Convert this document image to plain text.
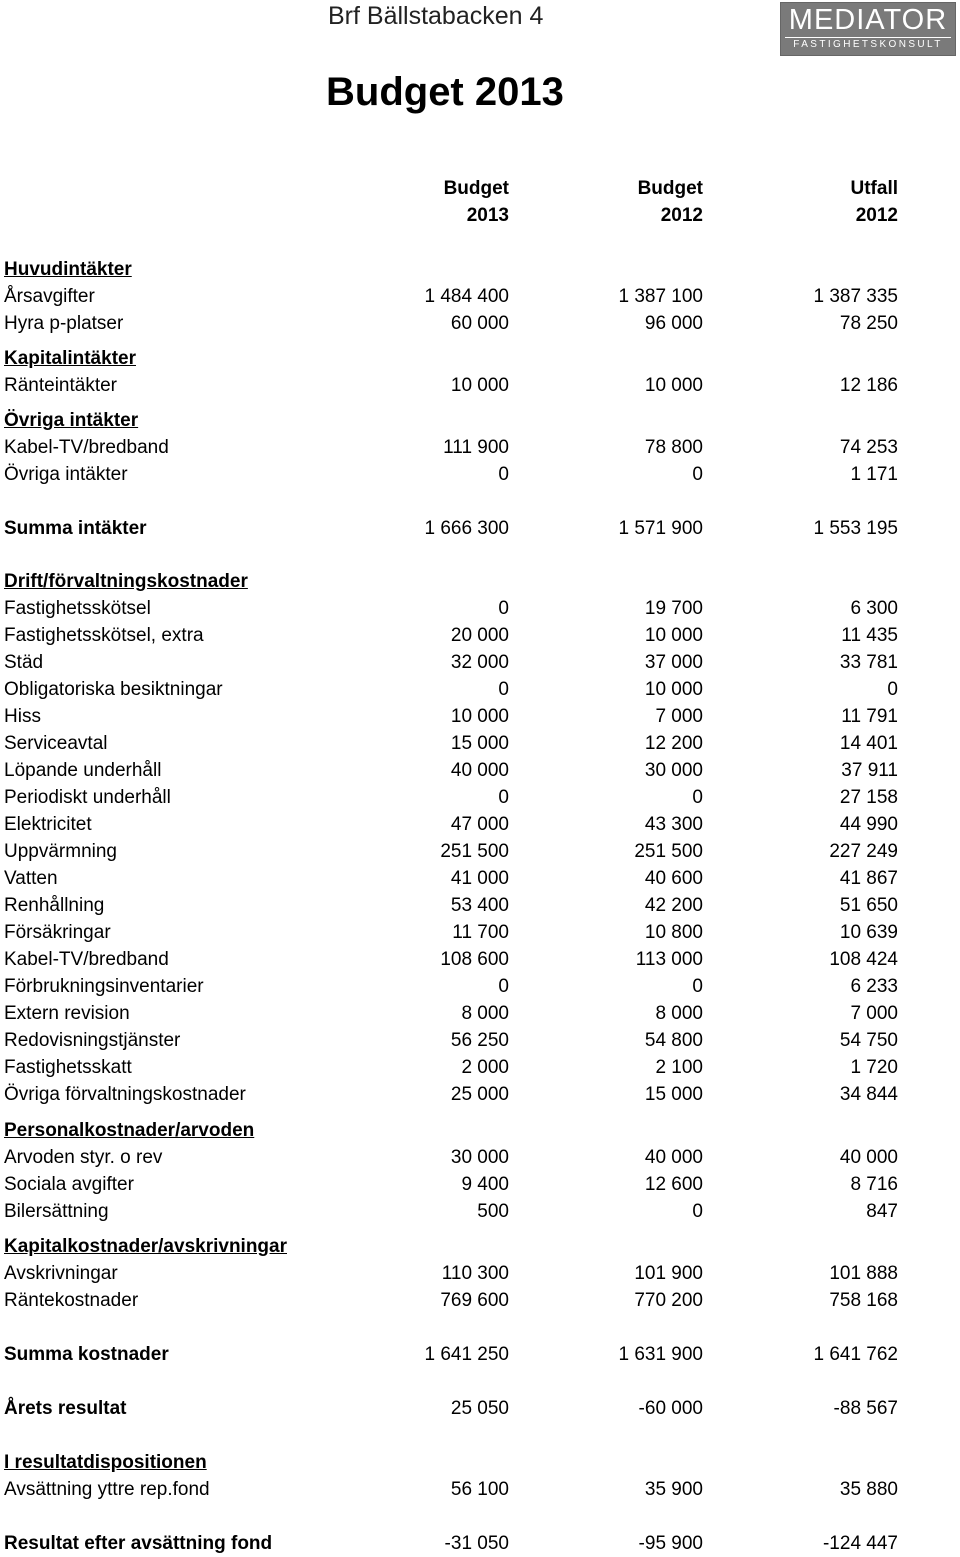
Brf Bällstabacken 4	MEDIATOR
FASTIGHETSKONSULT
Budget 2013
Budget
2013
Budget
2012
Utfall
2012
Huvudintäkter
Årsavgifter	1 484 400	1 387 100	1 387 335
Hyra p-platser	60 000	96 000	78 250
Kapitalintäkter
Ränteintäkter	10 000	10 000	12 186
Övriga intäkter
Kabel-TV/bredband	111 900	78 800	74 253
Övriga intäkter	0	0	1 171
Summa intäkter	1 666 300	1 571 900	1 553 195
Drift/förvaltningskostnader
Fastighetsskötsel	0	19 700	6 300
Fastighetsskötsel, extra	20 000	10 000	11 435
Städ	32 000	37 000	33 781
Obligatoriska besiktningar	0	10 000	0
Hiss	10 000	7 000	11 791
Serviceavtal	15 000	12 200	14 401
Löpande underhåll	40 000	30 000	37 911
Periodiskt underhåll	0	0	27 158
Elektricitet	47 000	43 300	44 990
Uppvärmning	251 500	251 500	227 249
Vatten	41 000	40 600	41 867
Renhållning	53 400	42 200	51 650
Försäkringar	11 700	10 800	10 639
Kabel-TV/bredband	108 600	113 000	108 424
Förbrukningsinventarier	0	0	6 233
Extern revision	8 000	8 000	7 000
Redovisningstjänster	56 250	54 800	54 750
Fastighetsskatt	2 000	2 100	1 720
Övriga förvaltningskostnader	25 000	15 000	34 844
Personalkostnader/arvoden
Arvoden styr. o rev	30 000	40 000	40 000
Sociala avgifter	9 400	12 600	8 716
Bilersättning	500	0	847
Kapitalkostnader/avskrivningar
Avskrivningar	110 300	101 900	101 888
Räntekostnader	769 600	770 200	758 168
Summa kostnader	1 641 250	1 631 900	1 641 762
Årets resultat	25 050	-60 000	-88 567
I resultatdispositionen
Avsättning yttre rep.fond	56 100	35 900	35 880
Resultat efter avsättning fond	-31 050	-95 900	-124 447
